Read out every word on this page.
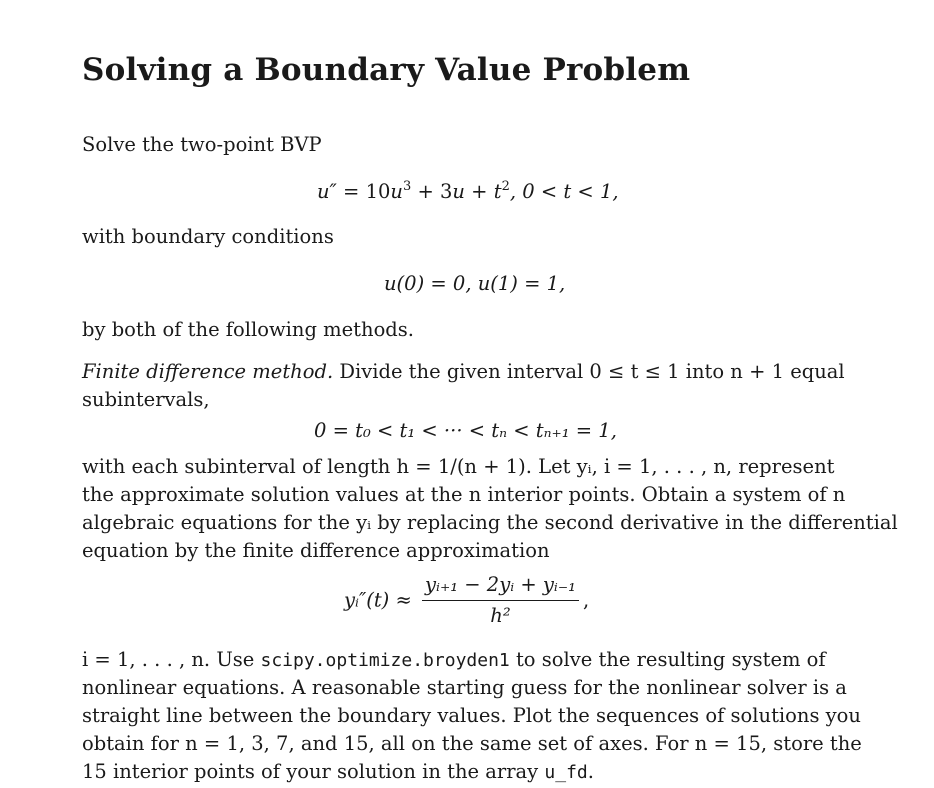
Solving a Boundary Value Problem
Solve the two-point BVP
$u'' = 10u^3 + 3u + t^2$, 0 < t < 1,
with boundary conditions
u(0) = 0, u(1) = 1,
by both of the following methods.
Finite difference method. Divide the given interval 0 ≤ t ≤ 1 into n + 1 equal
subintervals,
0 = t₀ < t₁ < ··· < tₙ < tₙ₊₁ = 1,
with each subinterval of length h = 1/(n + 1). Let yᵢ, i = 1, . . . , n, represent
the approximate solution values at the n interior points. Obtain a system of n
algebraic equations for the yᵢ by replacing the second derivative in the differential
equation by the finite difference approximation
yᵢ″(t) ≈ $\frac{\text{yᵢ₊₁ − 2yᵢ + yᵢ₋₁}}{\text{h²}}$ ,
i = 1, . . . , n. Use scipy.optimize.broyden1 to solve the resulting system of
nonlinear equations. A reasonable starting guess for the nonlinear solver is a
straight line between the boundary values. Plot the sequences of solutions you
obtain for n = 1, 3, 7, and 15, all on the same set of axes. For n = 15, store the
15 interior points of your solution in the array u_fd.
